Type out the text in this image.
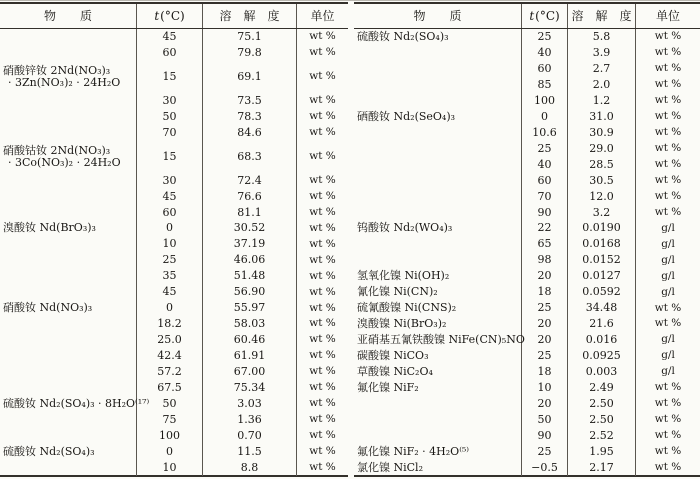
物　　质	t (°C)	溶　解　度	单位
45	75.1	wt %
60	79.8	wt %
硝酸锌钕 2Nd(NO₃)₃
· 3Zn(NO₃)₂ · 24H₂O	15	69.1	wt %
30	73.5	wt %
50	78.3	wt %
70	84.6	wt %
硝酸钴钕 2Nd(NO₃)₃
· 3Co(NO₃)₂ · 24H₂O	15	68.3	wt %
30	72.4	wt %
45	76.6	wt %
60	81.1	wt %
溴酸钕 Nd(BrO₃)₃	0	30.52	wt %
10	37.19	wt %
25	46.06	wt %
35	51.48	wt %
45	56.90	wt %
硝酸钕 Nd(NO₃)₃	0	55.97	wt %
18.2	58.03	wt %
25.0	60.46	wt %
42.4	61.91	wt %
57.2	67.00	wt %
67.5	75.34	wt %
硫酸钕 Nd₂(SO₄)₃ · 8H₂O⁽¹⁷⁾	50	3.03	wt %
75	1.36	wt %
100	0.70	wt %
硫酸钕 Nd₂(SO₄)₃	0	11.5	wt %
10	8.8	wt %
物　　质	t (°C) 溶　解　度	单位
硫酸钕 Nd₂(SO₄)₃	25	5.8	wt %
40	3.9	wt %
60	2.7	wt %
85	2.0	wt %
100	1.2	wt %
硒酸钕 Nd₂(SeO₄)₃	0	31.0	wt %
10.6	30.9	wt %
25	29.0	wt %
40	28.5	wt %
60	30.5	wt %
70	12.0	wt %
90	3.2	wt %
钨酸钕 Nd₂(WO₄)₃	22	0.0190	g/l
65	0.0168	g/l
98	0.0152	g/l
氢氧化镍 Ni(OH)₂	20	0.0127	g/l
氰化镍 Ni(CN)₂	18	0.0592	g/l
硫氰酸镍 Ni(CNS)₂	25	34.48	wt %
溴酸镍 Ni(BrO₃)₂	20	21.6	wt %
亚硝基五氰铁酸镍 NiFe(CN)₅NO	20	0.016	g/l
碳酸镍 NiCO₃	25	0.0925	g/l
草酸镍 NiC₂O₄	18	0.003	g/l
氟化镍 NiF₂	10	2.49	wt %
20	2.50	wt %
50	2.50	wt %
90	2.52	wt %
氟化镍 NiF₂ · 4H₂O⁽⁵⁾	25	1.95	wt %
氯化镍 NiCl₂	−0.5	2.17	wt %
